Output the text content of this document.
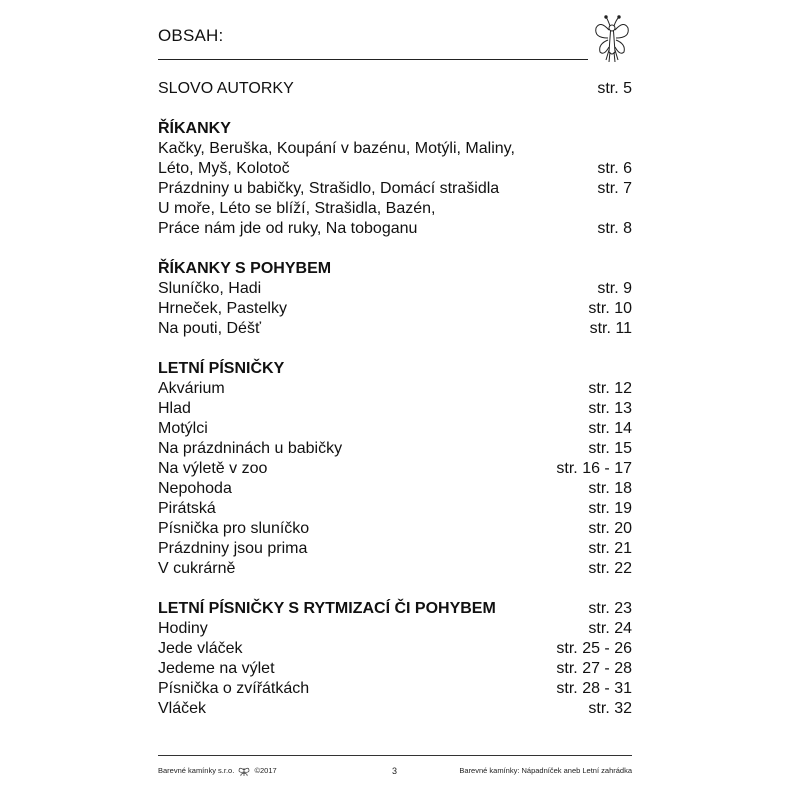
OBSAH:
SLOVO AUTORKY	str. 5
ŘÍKANKY
Kačky, Beruška, Koupání v bazénu, Motýli, Maliny,
Léto, Myš, Kolotoč	str. 6
Prázdniny u babičky, Strašidlo, Domácí strašidla	str. 7
U moře, Léto se blíží, Strašidla, Bazén,
Práce nám jde od ruky, Na toboganu	str. 8
ŘÍKANKY S POHYBEM
Sluníčko, Hadi	str. 9
Hrneček, Pastelky	str. 10
Na pouti, Déšť	str. 11
LETNÍ PÍSNIČKY
Akvárium	str. 12
Hlad	str. 13
Motýlci	str. 14
Na prázdninách u babičky	str. 15
Na výletě v zoo	str. 16 - 17
Nepohoda	str. 18
Pirátská	str. 19
Písnička pro sluníčko	str. 20
Prázdniny jsou prima	str. 21
V cukrárně	str. 22
LETNÍ PÍSNIČKY S RYTMIZACÍ ČI POHYBEM	str. 23
Hodiny	str. 24
Jede vláček	str. 25 - 26
Jedeme na výlet	str. 27 - 28
Písnička o zvířátkách	str. 28 - 31
Vláček	str. 32
Barevné kamínky s.r.o.	©2017	3	Barevné kamínky: Nápadníček aneb Letní zahrádka
